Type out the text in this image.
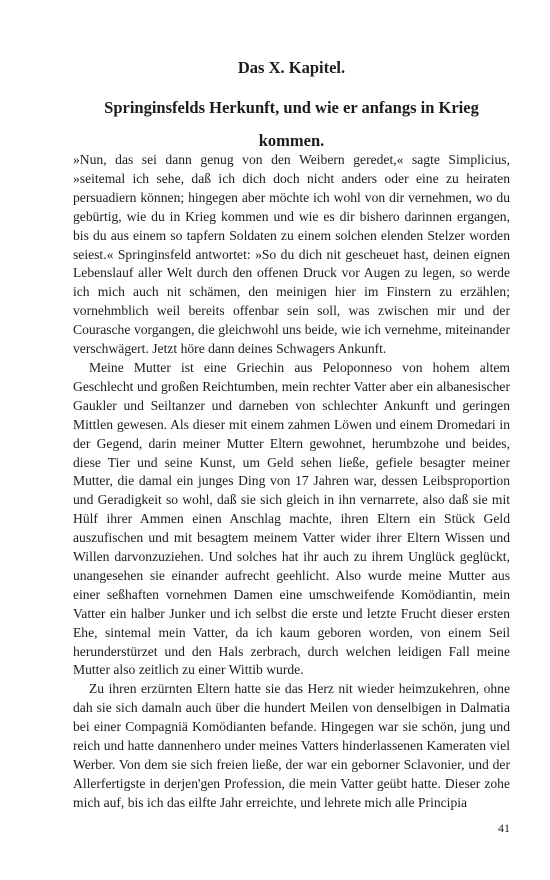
Das X. Kapitel.
Springinsfelds Herkunft, und wie er anfangs in Krieg kommen.

»Nun, das sei dann genug von den Weibern geredet,« sagte Simplicius, »seitemal ich sehe, daß ich dich doch nicht anders oder eine zu heiraten persuadiern können; hingegen aber möchte ich wohl von dir vernehmen, wo du gebürtig, wie du in Krieg kommen und wie es dir bishero darinnen ergangen, bis du aus einem so tapfern Soldaten zu einem solchen elenden Stelzer worden seiest.« Springinsfeld antwortet: »So du dich nit gescheuet hast, deinen eignen Lebenslauf aller Welt durch den offenen Druck vor Augen zu legen, so werde ich mich auch nit schämen, den meinigen hier im Finstern zu erzählen; vornehmblich weil bereits offenbar sein soll, was zwischen mir und der Courasche vorgangen, die gleichwohl uns beide, wie ich vernehme, miteinander verschwägert. Jetzt höre dann deines Schwagers Ankunft.

Meine Mutter ist eine Griechin aus Peloponneso von hohem altem Geschlecht und großen Reichtumben, mein rechter Vatter aber ein albanesischer Gaukler und Seiltanzer und darneben von schlechter Ankunft und geringen Mittlen gewesen. Als dieser mit einem zahmen Löwen und einem Dromedari in der Gegend, darin meiner Mutter Eltern gewohnet, herumbzohe und beides, diese Tier und seine Kunst, um Geld sehen ließe, gefiele besagter meiner Mutter, die damal ein junges Ding von 17 Jahren war, dessen Leibsproportion und Geradigkeit so wohl, daß sie sich gleich in ihn vernarrete, also daß sie mit Hülf ihrer Ammen einen Anschlag machte, ihren Eltern ein Stück Geld auszufischen und mit besagtem meinem Vatter wider ihrer Eltern Wissen und Willen darvonzuziehen. Und solches hat ihr auch zu ihrem Unglück geglückt, unangesehen sie einander aufrecht geehlicht. Also wurde meine Mutter aus einer seßhaften vornehmen Damen eine umschweifende Komödiantin, mein Vatter ein halber Junker und ich selbst die erste und letzte Frucht dieser ersten Ehe, sintemal mein Vatter, da ich kaum geboren worden, von einem Seil herunderstürzet und den Hals zerbrach, durch welchen leidigen Fall meine Mutter also zeitlich zu einer Wittib wurde.

Zu ihren erzürnten Eltern hatte sie das Herz nit wieder heimzukehren, ohne dah sie sich damaln auch über die hundert Meilen von denselbigen in Dalmatia bei einer Compagniä Komödianten befande. Hingegen war sie schön, jung und reich und hatte dannenhero under meines Vatters hinderlassenen Kameraten viel Werber. Von dem sie sich freien ließe, der war ein geborner Sclavonier, und der Allerfertigste in derjen'gen Profession, die mein Vatter geübt hatte. Dieser zohe mich auf, bis ich das eilfte Jahr erreichte, und lehrete mich alle Principia

41
